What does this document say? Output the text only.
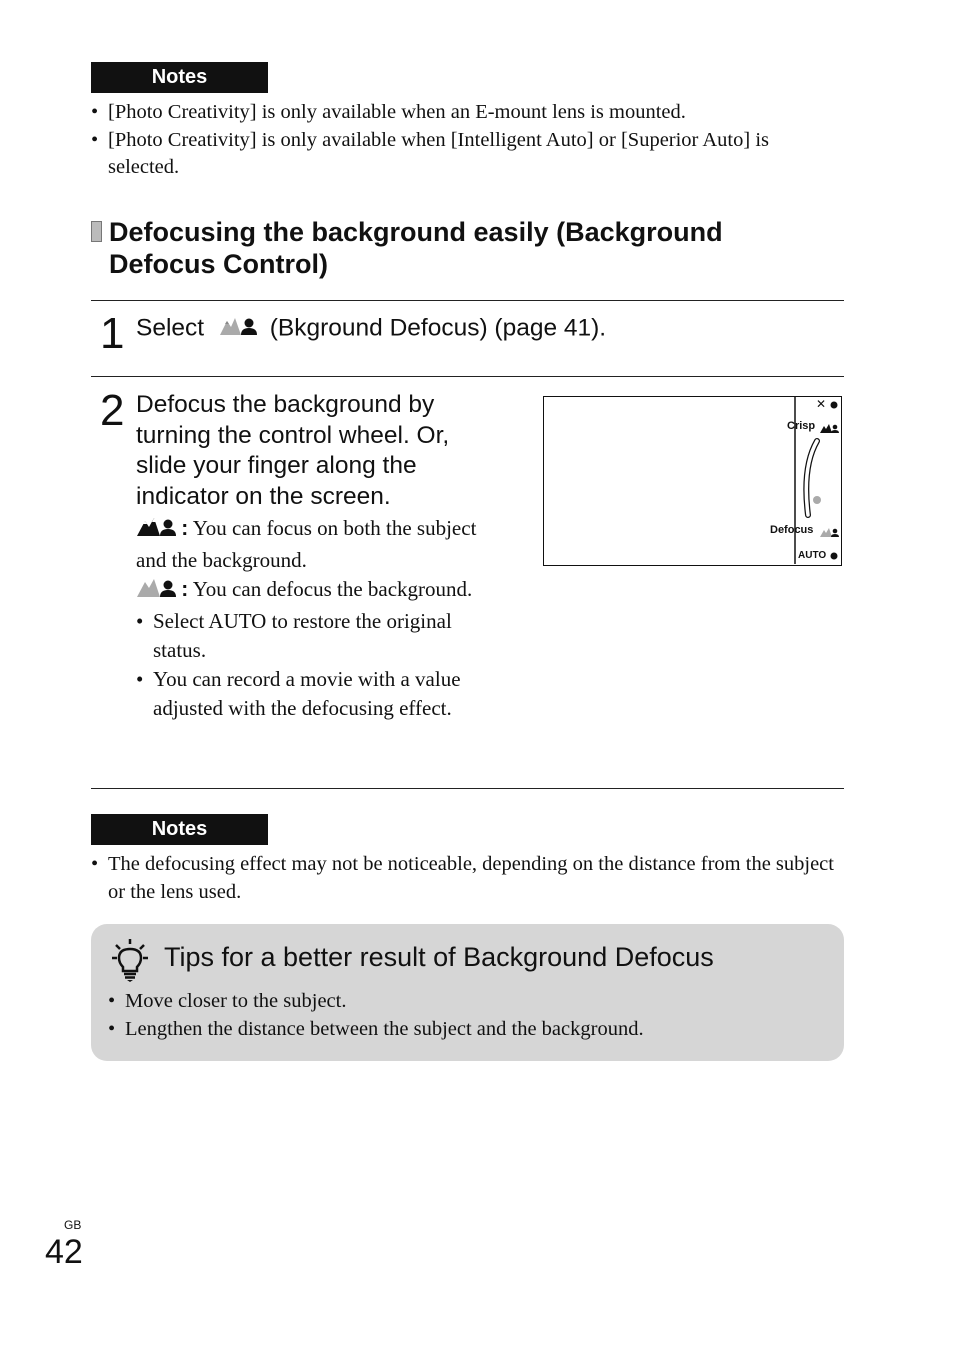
Notes
• [Photo Creativity] is only available when an E-mount lens is mounted.
• [Photo Creativity] is only available when [Intelligent Auto] or [Superior Auto] is selected.
Defocusing the background easily (Background Defocus Control)
1 Select	(Bkground Defocus) (page 41).
2 Defocus the background by turning the control wheel. Or, slide your finger along the indicator on the screen.
: You can focus on both the subject and the background.
: You can defocus the background.
• Select AUTO to restore the original status.
• You can record a movie with a value adjusted with the defocusing effect.
✕
Crisp
Defocus
AUTO
Notes
• The defocusing effect may not be noticeable, depending on the distance from the subject or the lens used.
Tips for a better result of Background Defocus
• Move closer to the subject.
• Lengthen the distance between the subject and the background.
GB
42
